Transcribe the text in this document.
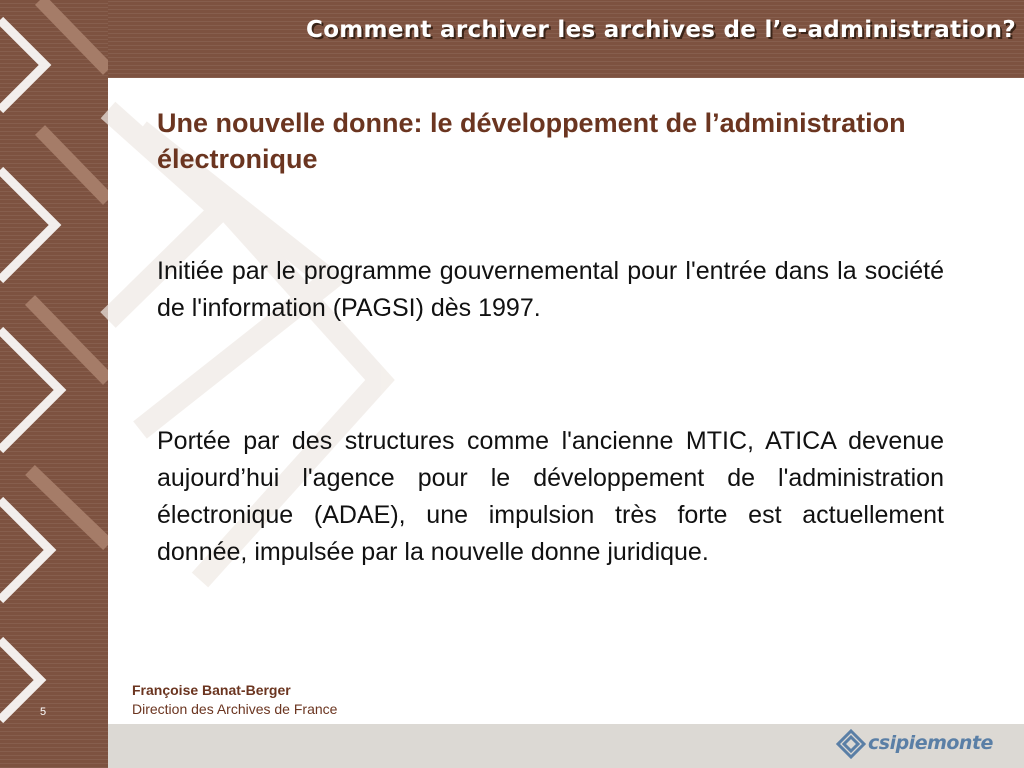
Comment archiver les archives de l’e-administration?
Une nouvelle donne: le développement de l’administration électronique

Initiée par le programme gouvernemental pour l'entrée dans la société de l'information (PAGSI) dès 1997.

Portée par des structures comme l'ancienne MTIC, ATICA devenue aujourd’hui l'agence pour le développement de l'administration électronique (ADAE), une impulsion très forte est actuellement donnée, impulsée par la nouvelle donne juridique.

Françoise Banat-Berger

Direction des Archives de France

5

csipiemonte
